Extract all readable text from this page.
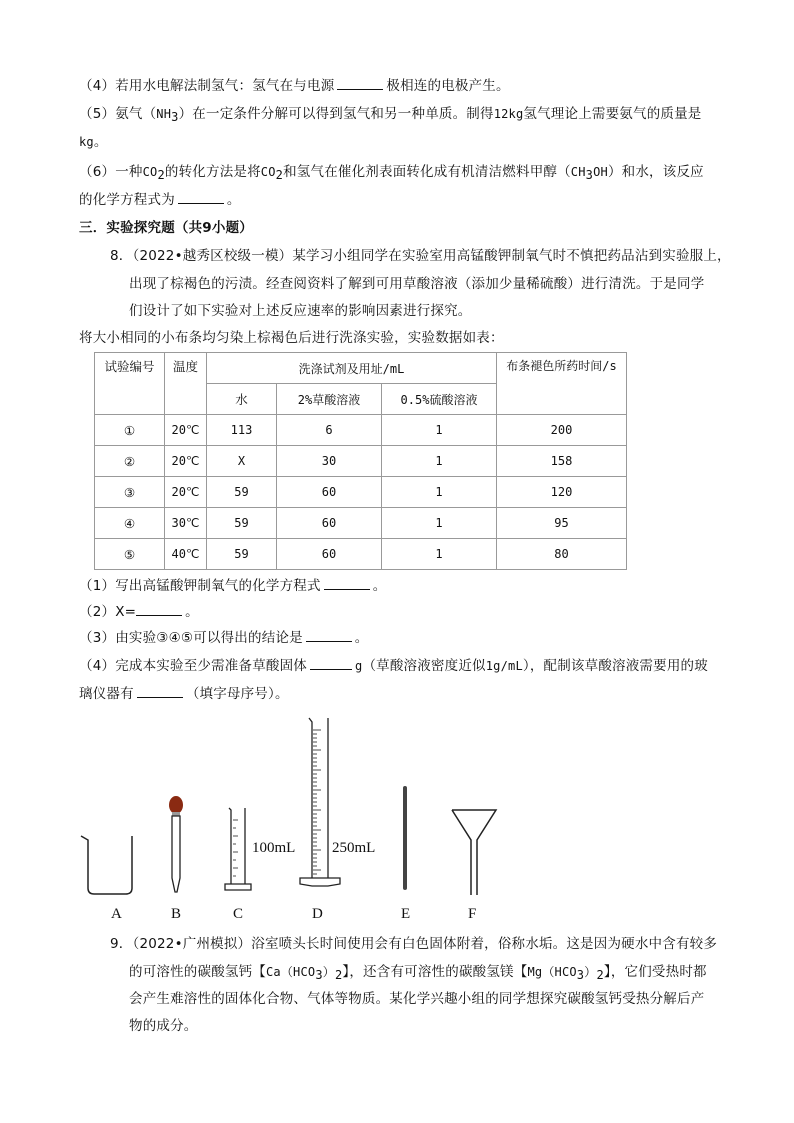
（4）若用水电解法制氢气：氢气在与电源	极相连的电极产生。
（5）氨气$(NH_3)$在一定条件分解可以得到氢气和另一种单质。制得12kg氢气理论上需要氨气的质量是
kg。
（6）一种$CO_2$的转化方法是将$CO_2$和氢气在催化剂表面转化成有机清洁燃料甲醇$(CH_3OH)$和水，该反应
的化学方程式为	。
三．实验探究题（共9小题）
8．（2022•越秀区校级一模）某学习小组同学在实验室用高锰酸钾制氧气时不慎把药品沾到实验服上，
出现了棕褐色的污渍。经查阅资料了解到可用草酸溶液（添加少量稀硫酸）进行清洗。于是同学
们设计了如下实验对上述反应速率的影响因素进行探究。
将大小相同的小布条均匀染上棕褐色后进行洗涤实验，实验数据如表：
试验编号	温度	洗涤试剂及用址/mL			布条褪色所药时间/s
		水	2%草酸溶液	0.5%硫酸溶液	
①	20℃	113	6	1	200
②	20℃	X	30	1	158
③	20℃	59	60	1	120
④	30℃	59	60	1	95
⑤	40℃	59	60	1	80
（1）写出高锰酸钾制氧气的化学方程式	。
（2）X=	。
（3）由实验③④⑤可以得出的结论是	。
（4）完成本实验至少需准备草酸固体	g（草酸溶液密度近似1g/mL），配制该草酸溶液需要用的玻
璃仪器有	（填字母序号）。
100mL 250mL
A	B	C	D	E	F
9．（2022•广州模拟）浴室喷头长时间使用会有白色固体附着，俗称水垢。这是因为硬水中含有较多
的可溶性的碳酸氢钙【$Ca(HCO_3)_2$】，还含有可溶性的碳酸氢镁【$Mg(HCO_3)_2$】，它们受热时都
会产生难溶性的固体化合物、气体等物质。某化学兴趣小组的同学想探究碳酸氢钙受热分解后产
物的成分。
